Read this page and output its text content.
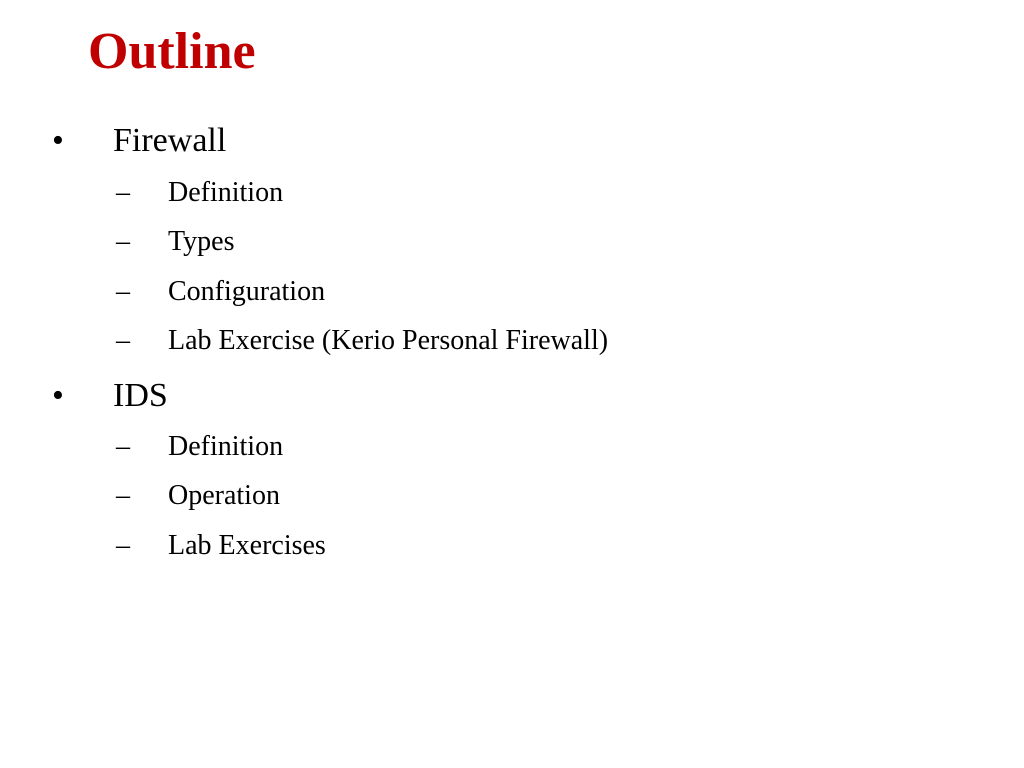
Outline
• Firewall
– Definition
– Types
– Configuration
– Lab Exercise (Kerio Personal Firewall)
• IDS
– Definition
– Operation
– Lab Exercises
